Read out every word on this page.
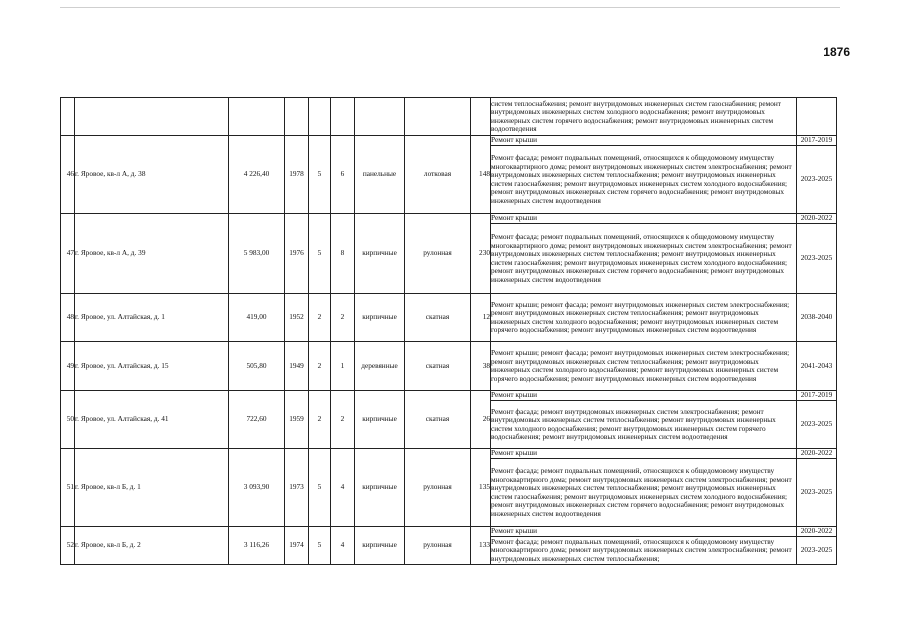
1876
									систем теплоснабжения; ремонт внутридомовых инженерных систем газоснабжения; ремонт внутридомовых инженерных систем холодного водоснабжения; ремонт внутридомовых инженерных систем горячего водоснабжения; ремонт внутридомовых инженерных систем водоотведения	
46	г. Яровое, кв-л А, д. 38	4 226,40	1978	5	6	панельные	лотковая	148	Ремонт крыши	2017-2019
									Ремонт фасада; ремонт подвальных помещений, относящихся к общедомовому имуществу многоквартирного дома; ремонт внутридомовых инженерных систем электроснабжения; ремонт внутридомовых инженерных систем теплоснабжения; ремонт внутридомовых инженерных систем газоснабжения; ремонт внутридомовых инженерных систем холодного водоснабжения; ремонт внутридомовых инженерных систем горячего водоснабжения; ремонт внутридомовых инженерных систем водоотведения	2023-2025
47	г. Яровое, кв-л А, д. 39	5 983,00	1976	5	8	кирпичные	рулонная	230	Ремонт крыши	2020-2022
									Ремонт фасада; ремонт подвальных помещений, относящихся к общедомовому имуществу многоквартирного дома; ремонт внутридомовых инженерных систем электроснабжения; ремонт внутридомовых инженерных систем теплоснабжения; ремонт внутридомовых инженерных систем газоснабжения; ремонт внутридомовых инженерных систем холодного водоснабжения; ремонт внутридомовых инженерных систем горячего водоснабжения; ремонт внутридомовых инженерных систем водоотведения	2023-2025
48	г. Яровое, ул. Алтайская, д. 1	419,00	1952	2	2	кирпичные	скатная	12	Ремонт крыши; ремонт фасада; ремонт внутридомовых инженерных систем электроснабжения; ремонт внутридомовых инженерных систем теплоснабжения; ремонт внутридомовых инженерных систем холодного водоснабжения; ремонт внутридомовых инженерных систем горячего водоснабжения; ремонт внутридомовых инженерных систем водоотведения	2038-2040
49	г. Яровое, ул. Алтайская, д. 15	505,80	1949	2	1	деревянные	скатная	38	Ремонт крыши; ремонт фасада; ремонт внутридомовых инженерных систем электроснабжения; ремонт внутридомовых инженерных систем теплоснабжения; ремонт внутридомовых инженерных систем холодного водоснабжения; ремонт внутридомовых инженерных систем горячего водоснабжения; ремонт внутридомовых инженерных систем водоотведения	2041-2043
50	г. Яровое, ул. Алтайская, д. 41	722,60	1959	2	2	кирпичные	скатная	26	Ремонт крыши	2017-2019
									Ремонт фасада; ремонт внутридомовых инженерных систем электроснабжения; ремонт внутридомовых инженерных систем теплоснабжения; ремонт внутридомовых инженерных систем холодного водоснабжения; ремонт внутридомовых инженерных систем горячего водоснабжения; ремонт внутридомовых инженерных систем водоотведения	2023-2025
51	г. Яровое, кв-л Б, д. 1	3 093,90	1973	5	4	кирпичные	рулонная	135	Ремонт крыши	2020-2022
									Ремонт фасада; ремонт подвальных помещений, относящихся к общедомовому имуществу многоквартирного дома; ремонт внутридомовых инженерных систем электроснабжения; ремонт внутридомовых инженерных систем теплоснабжения; ремонт внутридомовых инженерных систем газоснабжения; ремонт внутридомовых инженерных систем холодного водоснабжения; ремонт внутридомовых инженерных систем горячего водоснабжения; ремонт внутридомовых инженерных систем водоотведения	2023-2025
52	г. Яровое, кв-л Б, д. 2	3 116,26	1974	5	4	кирпичные	рулонная	133	Ремонт крыши	2020-2022
									Ремонт фасада; ремонт подвальных помещений, относящихся к общедомовому имуществу многоквартирного дома; ремонт внутридомовых инженерных систем электроснабжения; ремонт внутридомовых инженерных систем теплоснабжения;	2023-2025
